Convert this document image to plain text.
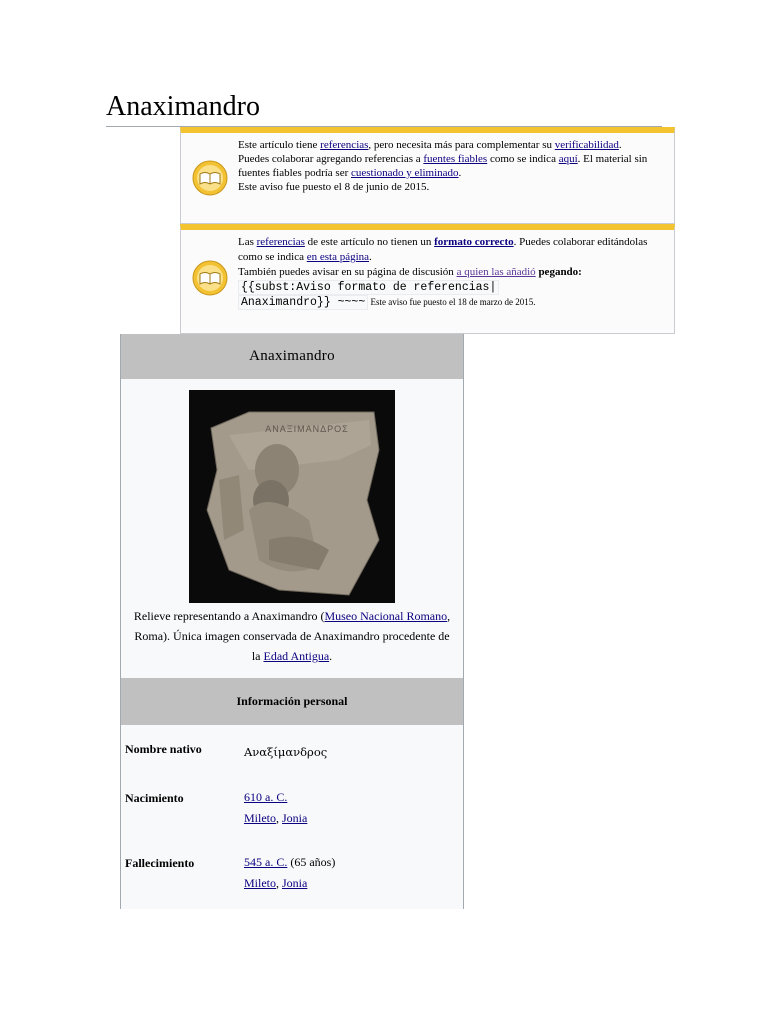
Anaximandro
Este artículo tiene referencias, pero necesita más para complementar su verificabilidad.
Puedes colaborar agregando referencias a fuentes fiables como se indica aquí. El material sin fuentes fiables podría ser cuestionado y eliminado.
Este aviso fue puesto el 8 de junio de 2015.
Las referencias de este artículo no tienen un formato correcto. Puedes colaborar editándolas como se indica en esta página.
También puedes avisar en su página de discusión a quien las añadió pegando: {{subst:Aviso formato de referencias|
Anaximandro}} ~~~~ Este aviso fue puesto el 18 de marzo de 2015.
Anaximandro
ΑΝΑΞΙΜΑΝΔΡΟΣ
Relieve representando a Anaximandro (Museo Nacional Romano, Roma). Única imagen conservada de Anaximandro procedente de la Edad Antigua.
Información personal
Nombre nativo	Αναξίμανδρος
Nacimiento	610 a. C.
Mileto, Jonia
Fallecimiento	545 a. C. (65 años)
Mileto, Jonia
